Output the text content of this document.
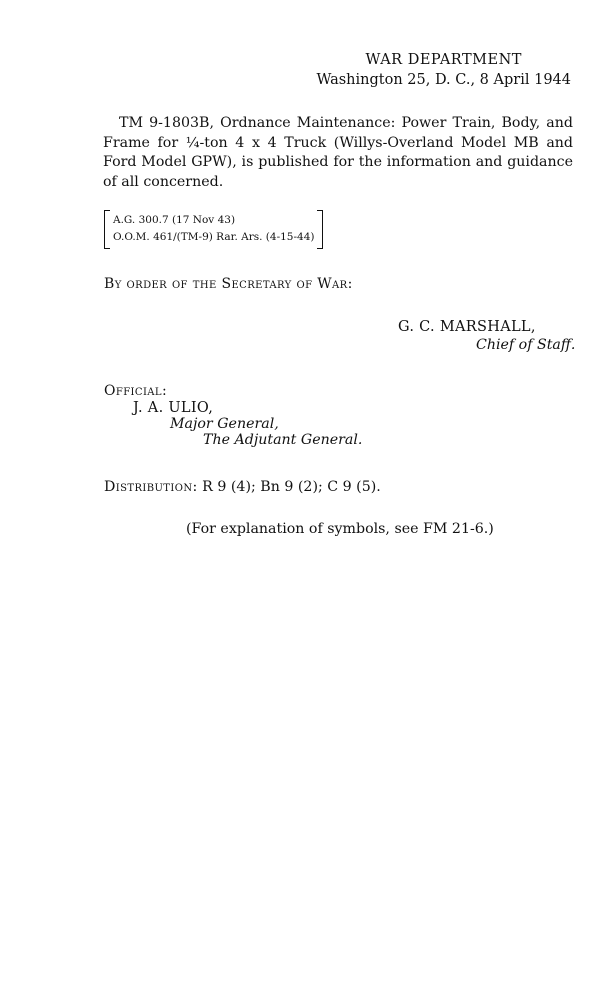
WAR DEPARTMENT
Washington 25, D. C., 8 April 1944
TM 9-1803B, Ordnance Maintenance: Power Train, Body, and Frame for ¼-ton 4 x 4 Truck (Willys-Overland Model MB and Ford Model GPW), is published for the information and guidance of all concerned.
A.G. 300.7 (17 Nov 43)
O.O.M. 461/(TM-9) Rar. Ars. (4-15-44)
By order of the Secretary of War:
G. C. MARSHALL,
Chief of Staff.
Official:
J. A. ULIO,
Major General,
The Adjutant General.
Distribution: R 9 (4); Bn 9 (2); C 9 (5).
(For explanation of symbols, see FM 21-6.)
